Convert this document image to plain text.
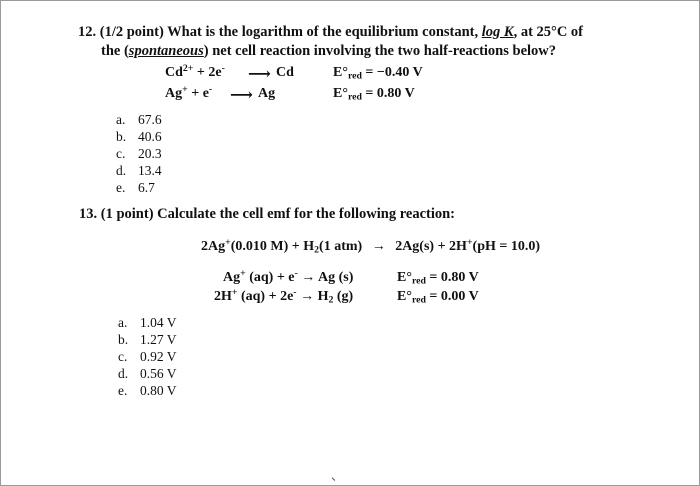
12. (1/2 point) What is the logarithm of the equilibrium constant, log K, at 25°C of
the (spontaneous) net cell reaction involving the two half-reactions below?
$Cd^{2+} + 2e^-$ ⟶ Cd	$E^\circ_{red} = -0.40$ V
Ag+ + e- ⟶ Ag	$E^\circ_{red} = 0.80$ V
a. 67.6
b. 40.6
c. 20.3
d. 13.4
e. 6.7
13. (1 point) Calculate the cell emf for the following reaction:
2Ag+(0.010 $M) + H_2(1$ atm) → 2Ag(s) + 2H+(pH = 10.0)
Ag+ (aq) + e- → Ag (s)	$E^\circ_{red} = 0.80$ V
2H+ $(aq) + 2e^- \to H_2$ (g)	$E^\circ_{red} = 0.00$ V
a. 1.04 V
b. 1.27 V
c. 0.92 V
d. 0.56 V
e. 0.80 V
